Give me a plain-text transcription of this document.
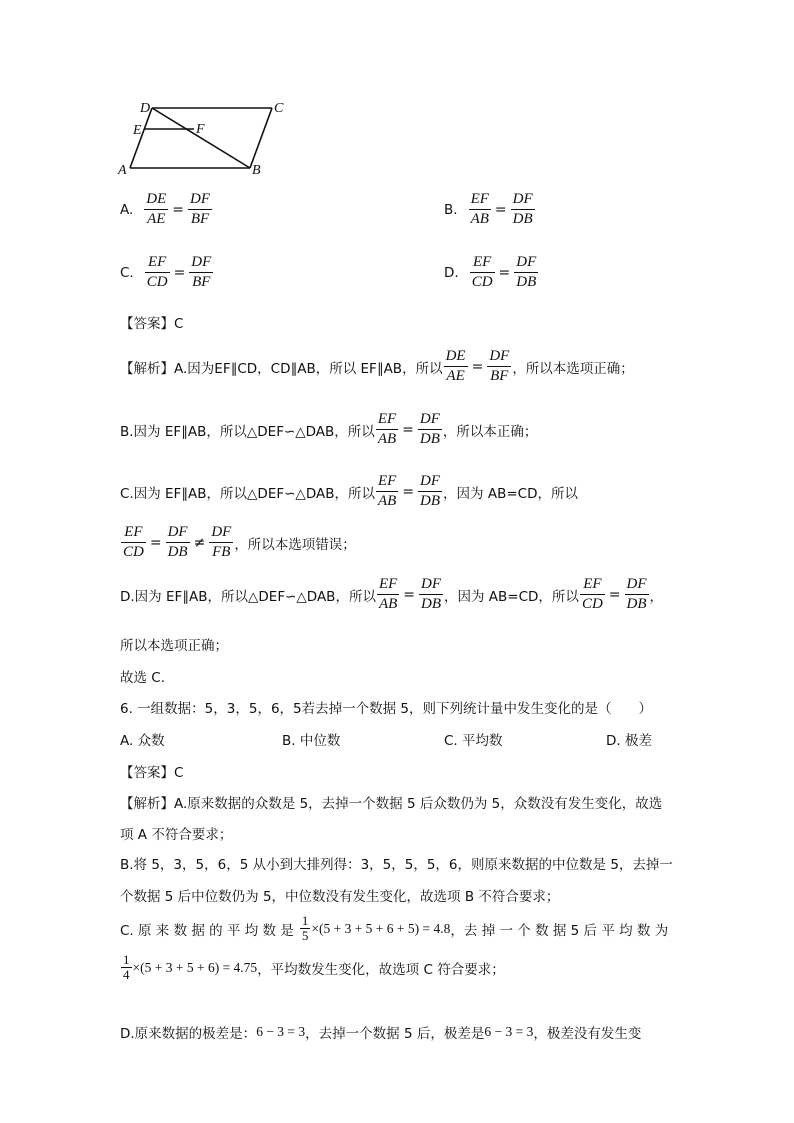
D	C
E	F
A	B
A. $\frac{DE}{AE} = \frac{DF}{BF}$	B. $\frac{EF}{AB} = \frac{DF}{DB}$
C. $\frac{EF}{CD} = \frac{DF}{BF}$	D. $\frac{EF}{CD} = \frac{DF}{DB}$
【答案】C
【解析】 A.因为 EF∥CD，CD∥AB，所以 EF∥AB，所以 $\frac{DE}{AE} = \frac{DF}{BF}$ ，所以本选项正确；
B.因为 EF∥AB，所以△DEF∽△DAB，所以 $\frac{EF}{AB} = \frac{DF}{DB}$ ，所以本正确；
C.因为 EF∥AB，所以△DEF∽△DAB，所以 $\frac{EF}{AB} = \frac{DF}{DB}$ ，因为 AB=CD，所以
$\frac{EF}{CD} = \frac{DF}{DB} \ne \frac{DF}{FB}$ ，所以本选项错误；
D.因为 EF∥AB，所以△DEF∽△DAB，所以 $\frac{EF}{AB} = \frac{DF}{DB}$ ，因为 AB=CD，所以 $\frac{EF}{CD} = \frac{DF}{DB}$ ，
所以本选项正确；
故选 C.
6. 一组数据：5，3，5，6，5若去掉一个数据 5，则下列统计量中发生变化的是（　　）
A. 众数	B. 中位数	C. 平均数	D. 极差
【答案】C
【解析】A.原来数据的众数是 5，去掉一个数据 5 后众数仍为 5，众数没有发生变化，故选
项 A 不符合要求；
B.将 5，3，5，6，5 从小到大排列得：3，5，5，5，6，则原来数据的中位数是 5，去掉一
个数据 5 后中位数仍为 5，中位数没有发生变化，故选项 B 不符合要求；
C. 原 来 数 据 的 平 均 数 是 $\frac{1}{5} \times(5 + 3 + 5 + 6 + 5) = 4.8$ ，去 掉 一 个 数 据 5 后 平 均 数 为
$\frac{1}{4} \times(5 + 3 + 5 + 6) = 4.75$ ，平均数发生变化，故选项 C 符合要求；
D.原来数据的极差是： 6 − 3 = 3 ，去掉一个数据 5 后，极差是 6 − 3 = 3 ，极差没有发生变
